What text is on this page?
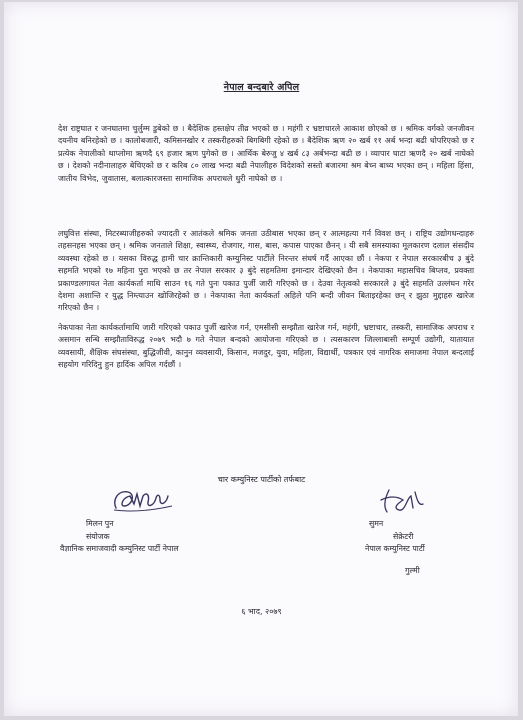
नेपाल बन्दबारे अपिल

देश राष्ट्रघात र जनघातमा चुर्लुम्म डुबेको छ । बैदेशिक हस्तक्षेप तीव्र भएको छ । महंगी र भ्रष्टाचारले आकाश छोएको छ । श्रमिक वर्गको जनजीवन दयनीय बनिरहेको छ । कालोबजारी, कमिसनखोर र तस्करीहरुको बिगबिगी रहेको छ । बैदेशिक ऋण २० खर्ब ११ अर्ब भन्दा बढी धोपरिएको छ र प्रत्येक नेपालीको थाप्लोमा ऋणदै ६९ हजार ऋण पुगेको छ । आर्थिक बेरुजु ४ खर्ब ८३ अर्बभन्दा बढी छ । व्यापार घाटा ऋणदै २० खर्ब नाघेको छ । देशको नदीनालाहरु बेचिएको छ र करिब ८० लाख भन्दा बढी नेपालीहरु विदेशको सस्तो बजारमा श्रम बेच्न बाध्य भएका छन् । महिला हिंसा, जातीय विभेद, जुवातास, बलात्कारजस्ता सामाजिक अपराधले धुरी नाघेको छ ।

लघुवित्त संस्था, मिटरब्याजीहरुको ज्यादती र आतंकले श्रमिक जनता उठीबास भएका छन् र आत्महत्या गर्न विवश छन् । राष्ट्रिय उद्योगधन्दाहरु तहसनहस भएका छन् । श्रमिक जनताले शिक्षा, स्वास्थ्य, रोजगार, गास, बास, कपास पाएका छैनन् । यी सबै समस्याका मूलकारण दलाल संसदीय व्यवस्था रहेको छ । यसका विरुद्ध हामी चार क्रान्तिकारी कम्युनिस्ट पार्टीले निरन्तर संघर्ष गर्दै आएका छौं । नेकपा र नेपाल सरकारबीच ३ बुंदे सहमति भएको १७ महिना पुरा भएको छ तर नेपाल सरकार ३ बुंदे सहमतिमा इमान्दार देखिएको छैन । नेकपाका महासचिव बिप्लव, प्रवक्ता प्रकाण्डलगायत नेता कार्यकर्ता माथि साउन १६ गते पुनः पकाउ पुर्जी जारी गरिएको छ । देउवा नेतृत्वको सरकारले ३ बुंदे सहमति उल्लंघन गरेर देशमा अशान्ति र युद्ध निम्त्याउन खोजिरहेको छ । नेकपाका नेता कार्यकर्ता अहिले पनि बन्दी जीवन बिताइरहेका छन् र झुठा मुद्दाहरु खारेज गरिएको छैन ।

नेकपाका नेता कार्यकर्तामाथि जारी गरिएको पकाउ पुर्जी खारेज गर्न, एमसीसी सम्झौता खारेज गर्न, महंगी, भ्रष्टाचार, तस्करी, सामाजिक अपराध र असमान सन्धि सम्झौताविरुद्ध २०७९ भदौ ७ गते नेपाल बन्दको आयोजना गरिएको छ । त्यसकारण जिल्लाबासी सम्पूर्ण उद्योगी, यातायात व्यवसायी, शैक्षिक संघसंस्था, बुद्धिजीवी, कानुन व्यवसायी, किसान, मजदुर, युवा, महिला, विद्यार्थी, पत्रकार एवं नागरिक समाजमा नेपाल बन्दलाई सहयोग गरिदिनु हुन हार्दिक अपिल गर्दछौं ।

चार कम्युनिस्ट पार्टीको तर्फबाट
मिलन पुन
संयोजक
वैज्ञानिक समाजवादी कम्युनिस्ट पार्टी नेपाल
सुमन
सेक्रेटरी
नेपाल कम्युनिस्ट पार्टी
गुल्मी
६ भाद, २०७९
